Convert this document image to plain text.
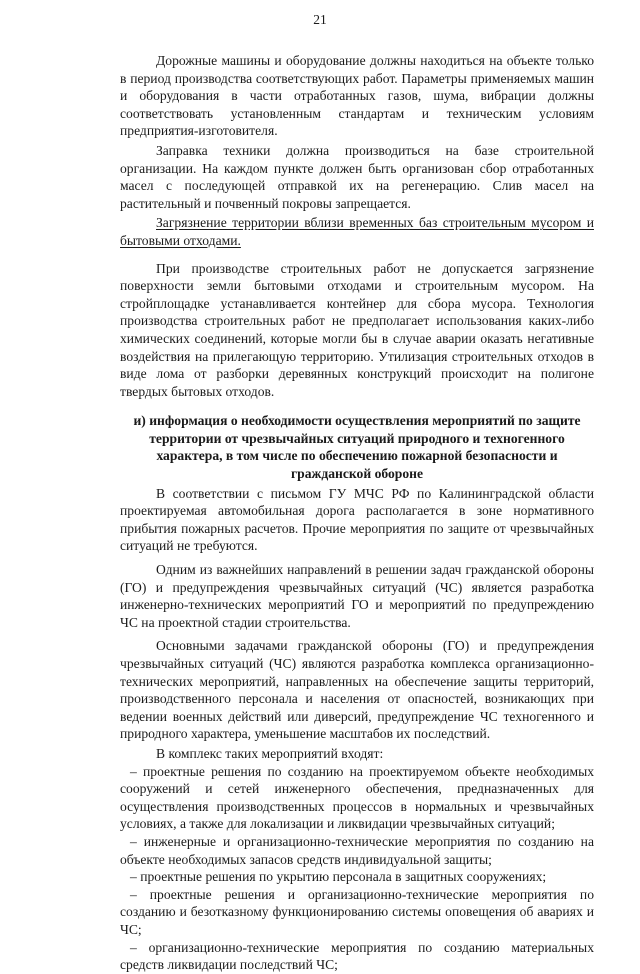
21

Дорожные машины и оборудование должны находиться на объекте только в период производства соответствующих работ. Параметры применяемых машин и оборудования в части отработанных газов, шума, вибрации должны соответствовать установленным стандартам и техническим условиям предприятия-изготовителя.

Заправка техники должна производиться на базе строительной организации. На каждом пункте должен быть организован сбор отработанных масел с последующей отправкой их на регенерацию. Слив масел на растительный и почвенный покровы запрещается.

Загрязнение территории вблизи временных баз строительным мусором и бытовыми отходами.

При производстве строительных работ не допускается загрязнение поверхности земли бытовыми отходами и строительным мусором. На стройплощадке устанавливается контейнер для сбора мусора. Технология производства строительных работ не предполагает использования каких-либо химических соединений, которые могли бы в случае аварии оказать негативные воздействия на прилегающую территорию. Утилизация строительных отходов в виде лома от разборки деревянных конструкций происходит на полигоне твердых бытовых отходов.

и) информация о необходимости осуществления мероприятий по защите территории от чрезвычайных ситуаций природного и техногенного характера, в том числе по обеспечению пожарной безопасности и гражданской обороне

В соответствии с письмом ГУ МЧС РФ по Калининградской области проектируемая автомобильная дорога располагается в зоне нормативного прибытия пожарных расчетов. Прочие мероприятия по защите от чрезвычайных ситуаций не требуются.

Одним из важнейших направлений в решении задач гражданской обороны (ГО) и предупреждения чрезвычайных ситуаций (ЧС) является разработка инженерно-технических мероприятий ГО и мероприятий по предупреждению ЧС на проектной стадии строительства.

Основными задачами гражданской обороны (ГО) и предупреждения чрезвычайных ситуаций (ЧС) являются разработка комплекса организационно-технических мероприятий, направленных на обеспечение защиты территорий, производственного персонала и населения от опасностей, возникающих при ведении военных действий или диверсий, предупреждение ЧС техногенного и природного характера, уменьшение масштабов их последствий.

В комплекс таких мероприятий входят:

– проектные решения по созданию на проектируемом объекте необходимых сооружений и сетей инженерного обеспечения, предназначенных для осуществления производственных процессов в нормальных и чрезвычайных условиях, а также для локализации и ликвидации чрезвычайных ситуаций;

– инженерные и организационно-технические мероприятия по созданию на объекте необходимых запасов средств индивидуальной защиты;

– проектные решения по укрытию персонала в защитных сооружениях;

– проектные решения и организационно-технические мероприятия по созданию и безотказному функционированию системы оповещения об авариях и ЧС;

– организационно-технические мероприятия по созданию материальных средств ликвидации последствий ЧС;
